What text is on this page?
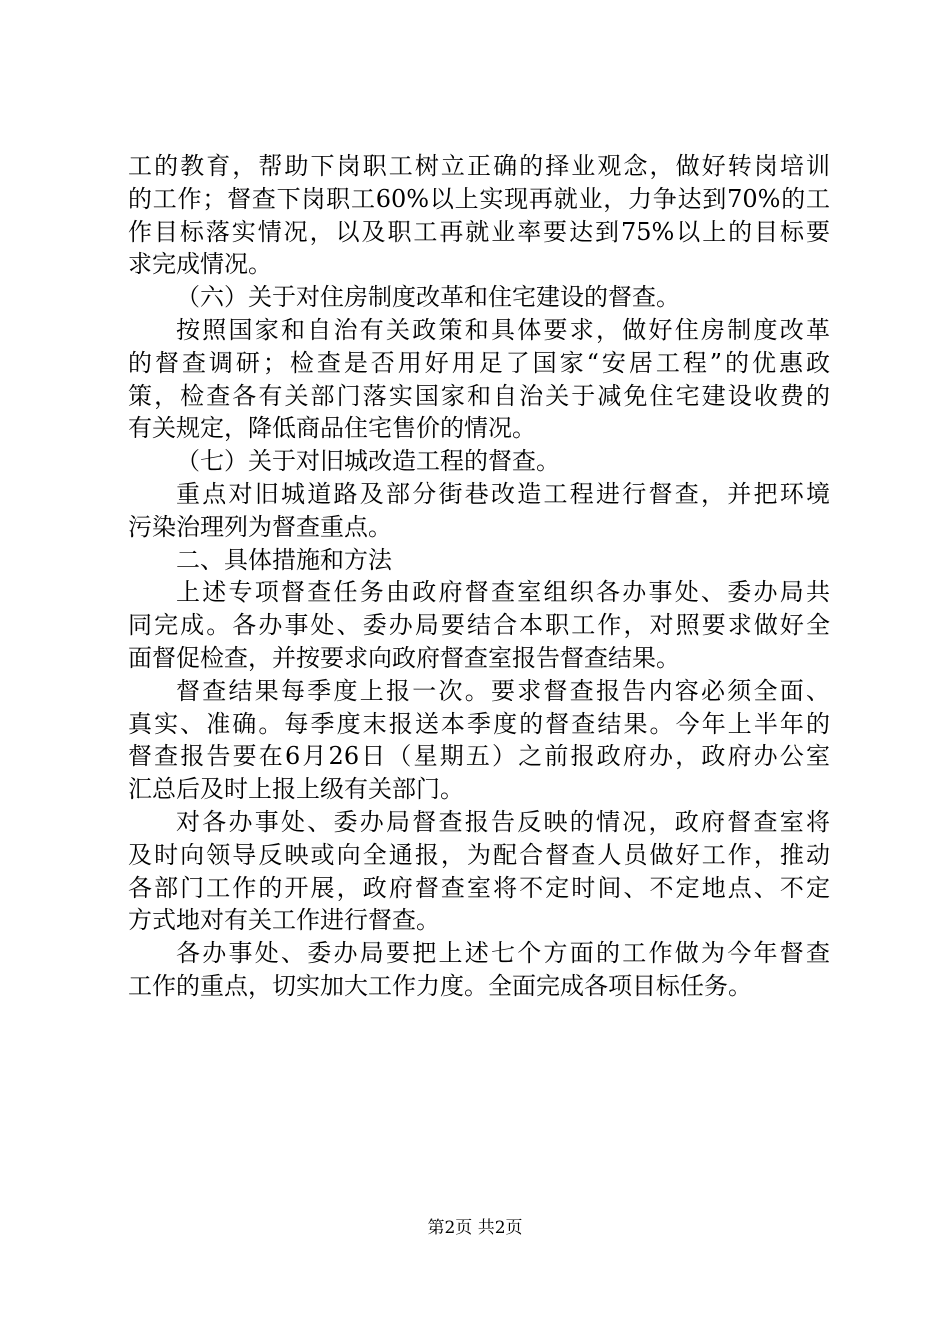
工的教育，帮助下岗职工树立正确的择业观念，做好转岗培训
的工作；督查下岗职工60%以上实现再就业，力争达到70%的工
作目标落实情况，以及职工再就业率要达到75%以上的目标要
求完成情况。
（六）关于对住房制度改革和住宅建设的督查。
按照国家和自治有关政策和具体要求，做好住房制度改革
的督查调研；检查是否用好用足了国家“安居工程”的优惠政
策，检查各有关部门落实国家和自治关于减免住宅建设收费的
有关规定，降低商品住宅售价的情况。
（七）关于对旧城改造工程的督查。
重点对旧城道路及部分街巷改造工程进行督查，并把环境
污染治理列为督查重点。
二、具体措施和方法
上述专项督查任务由政府督查室组织各办事处、委办局共
同完成。各办事处、委办局要结合本职工作，对照要求做好全
面督促检查，并按要求向政府督查室报告督查结果。
督查结果每季度上报一次。要求督查报告内容必须全面、
真实、准确。每季度末报送本季度的督查结果。今年上半年的
督查报告要在6月26日（星期五）之前报政府办，政府办公室
汇总后及时上报上级有关部门。
对各办事处、委办局督查报告反映的情况，政府督查室将
及时向领导反映或向全通报，为配合督查人员做好工作，推动
各部门工作的开展，政府督查室将不定时间、不定地点、不定
方式地对有关工作进行督查。
各办事处、委办局要把上述七个方面的工作做为今年督查
工作的重点，切实加大工作力度。全面完成各项目标任务。
第2页 共2页
